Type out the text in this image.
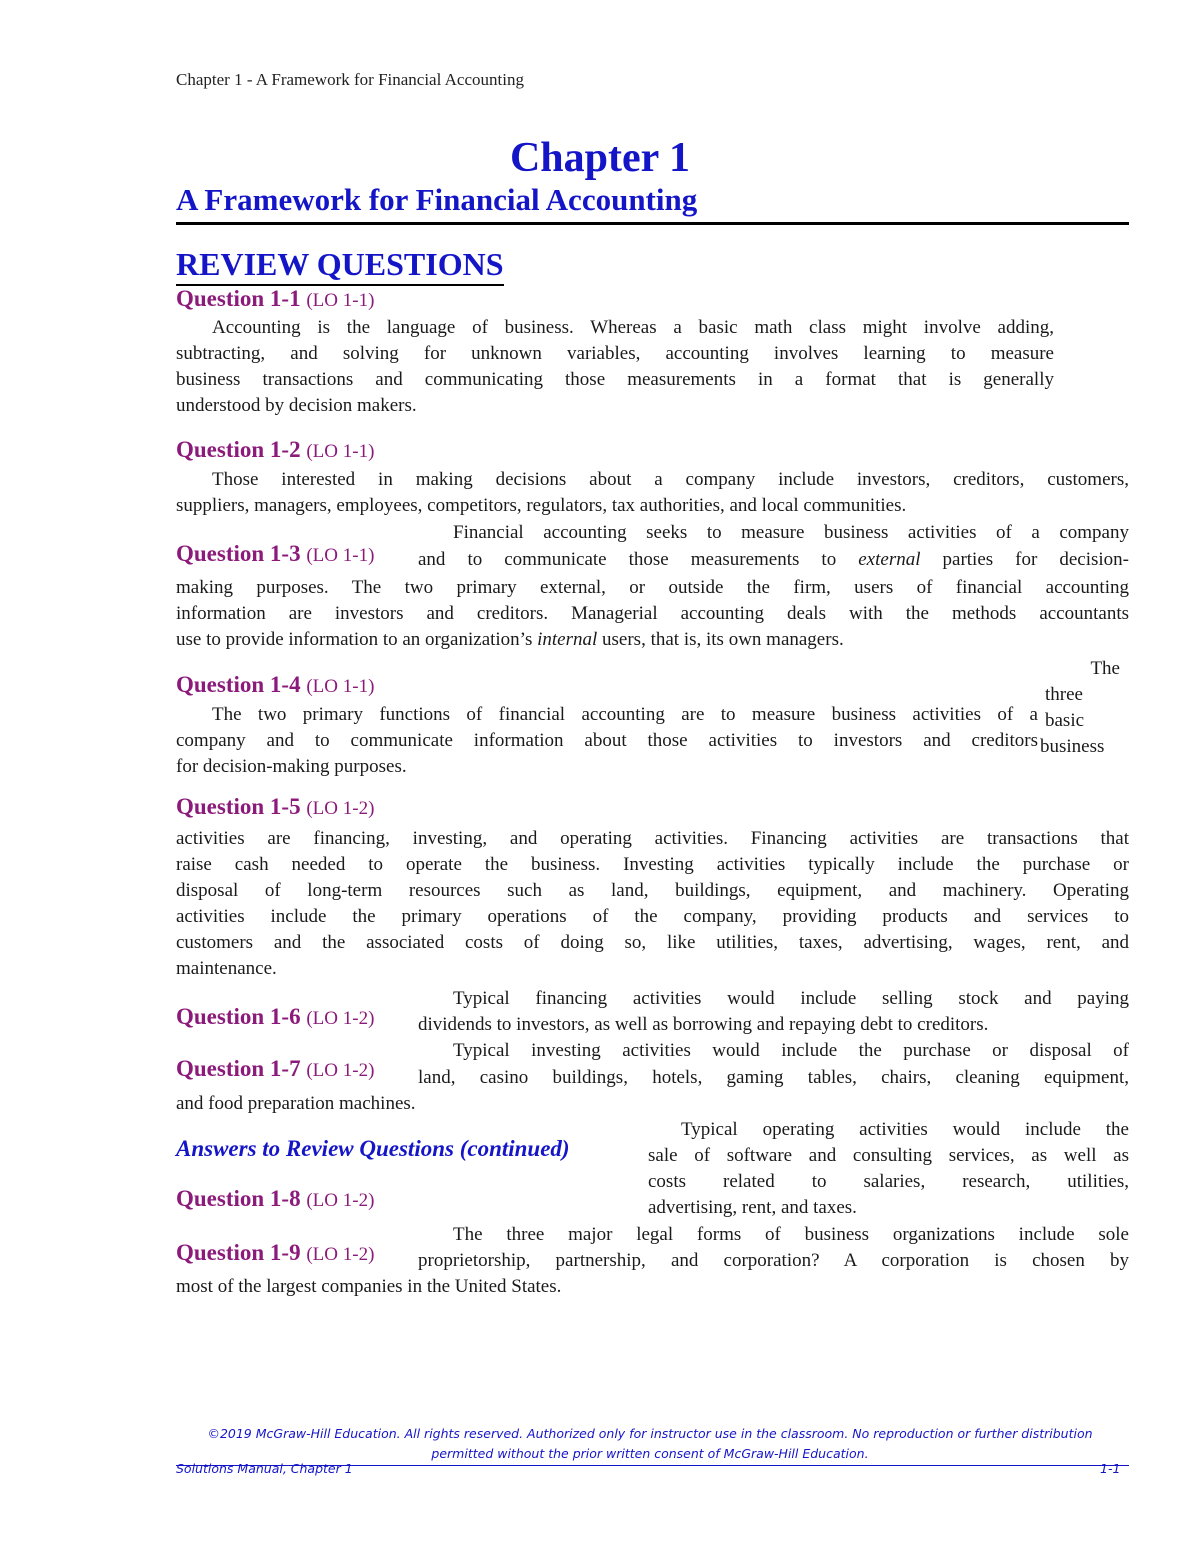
Chapter 1 - A Framework for Financial Accounting
Chapter 1
A Framework for Financial Accounting
REVIEW QUESTIONS
Question 1-1 (LO 1-1)
Accounting is the language of business. Whereas a basic math class might involve adding,
subtracting, and solving for unknown variables, accounting involves learning to measure
business transactions and communicating those measurements in a format that is generally
understood by decision makers.
Question 1-2 (LO 1-1)
Those interested in making decisions about a company include investors, creditors, customers,
suppliers, managers, employees, competitors, regulators, tax authorities, and local communities.
Financial accounting seeks to measure business activities of a company
Question 1-3 (LO 1-1) and to communicate those measurements to external parties for decision-
making purposes. The two primary external, or outside the firm, users of financial accounting
information are investors and creditors. Managerial accounting deals with the methods accountants
use to provide information to an organization’s internal users, that is, its own managers.
Question 1-4 (LO 1-1)
The two primary functions of financial accounting are to measure business activities of a
company and to communicate information about those activities to investors and creditors
for decision-making purposes.
The
three
basic
business
Question 1-5 (LO 1-2)
activities are financing, investing, and operating activities. Financing activities are transactions that
raise cash needed to operate the business. Investing activities typically include the purchase or
disposal of long-term resources such as land, buildings, equipment, and machinery. Operating
activities include the primary operations of the company, providing products and services to
customers and the associated costs of doing so, like utilities, taxes, advertising, wages, rent, and
maintenance.
Typical financing activities would include selling stock and paying
Question 1-6 (LO 1-2) dividends to investors, as well as borrowing and repaying debt to creditors.
Typical investing activities would include the purchase or disposal of
Question 1-7 (LO 1-2) land, casino buildings, hotels, gaming tables, chairs, cleaning equipment,
and food preparation machines.
Answers to Review Questions (continued)
Typical operating activities would include the
sale of software and consulting services, as well as
costs related to salaries, research, utilities,
advertising, rent, and taxes.
Question 1-8 (LO 1-2)
The three major legal forms of business organizations include sole
Question 1-9 (LO 1-2) proprietorship, partnership, and corporation? A corporation is chosen by
most of the largest companies in the United States.
©2019 McGraw-Hill Education. All rights reserved. Authorized only for instructor use in the classroom. No reproduction or further distribution
permitted without the prior written consent of McGraw-Hill Education.
Solutions Manual, Chapter 1	1-1
